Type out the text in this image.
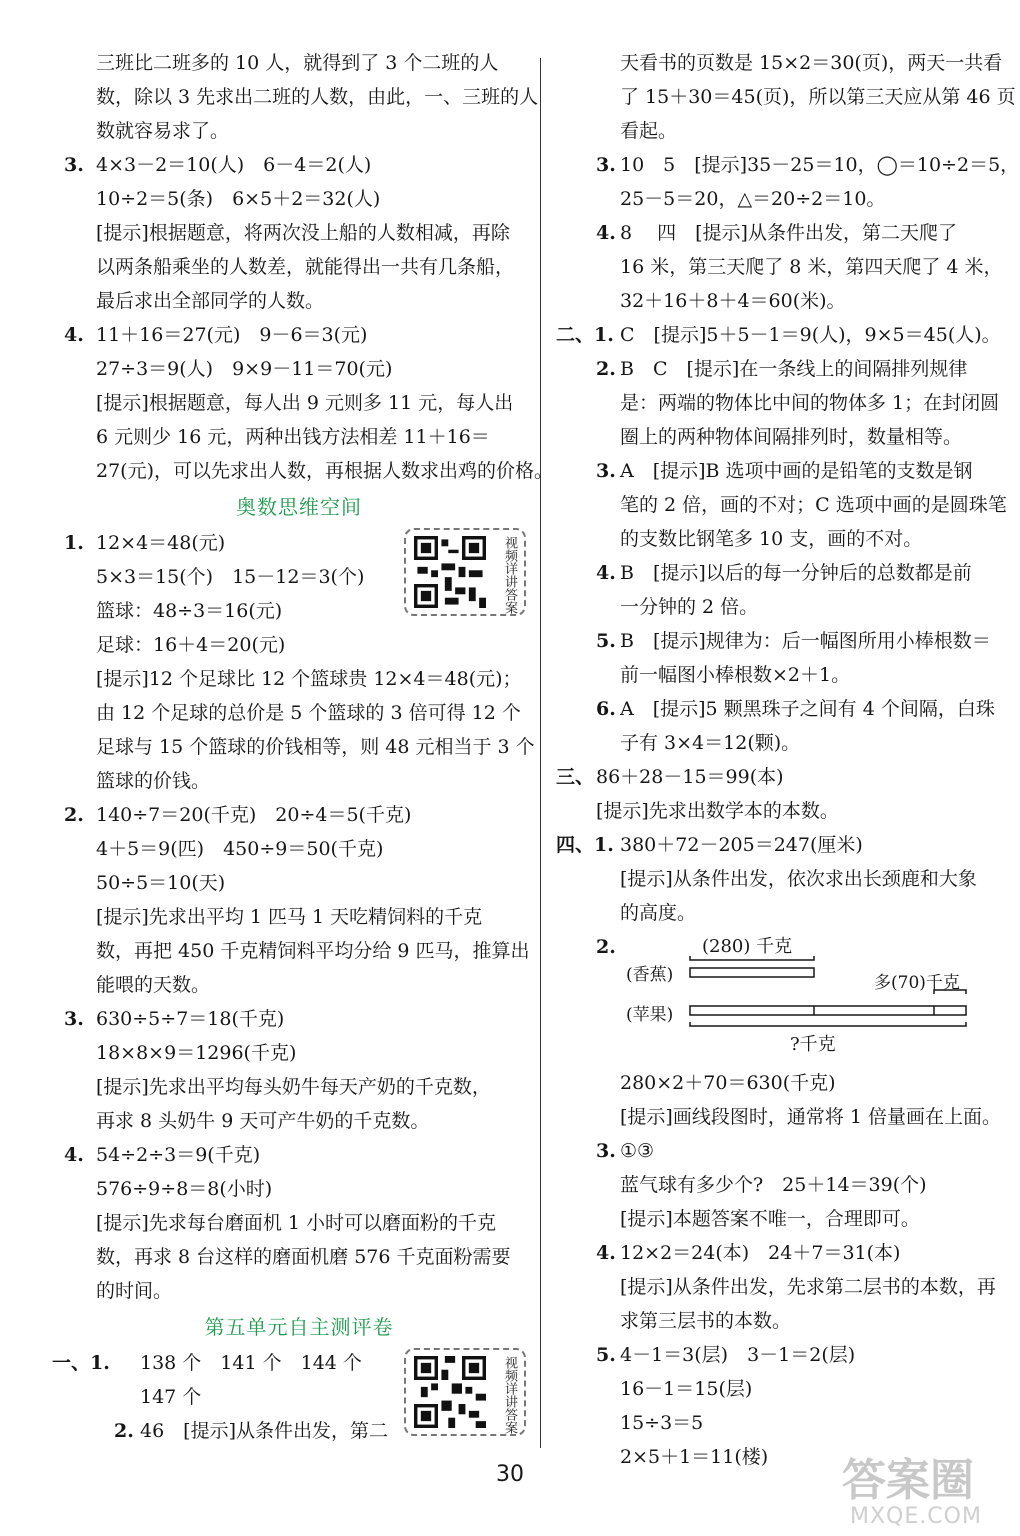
三班比二班多的 10 人，就得到了 3 个二班的人
数，除以 3 先求出二班的人数，由此，一、三班的人
数就容易求了。
3. 4×3－2＝10(人)　6－4＝2(人)
10÷2＝5(条)　6×5＋2＝32(人)
[提示]根据题意，将两次没上船的人数相减，再除
以两条船乘坐的人数差，就能得出一共有几条船，
最后求出全部同学的人数。
4. 11＋16＝27(元)　9－6＝3(元)
27÷3＝9(人)　9×9－11＝70(元)
[提示]根据题意，每人出 9 元则多 11 元，每人出
6 元则少 16 元，两种出钱方法相差 11＋16＝
27(元)，可以先求出人数，再根据人数求出鸡的价格。
奥数思维空间
视频详讲答案
1. 12×4＝48(元)
5×3＝15(个)　15－12＝3(个)
篮球：48÷3＝16(元)
足球：16＋4＝20(元)
[提示]12 个足球比 12 个篮球贵 12×4＝48(元)；
由 12 个足球的总价是 5 个篮球的 3 倍可得 12 个
足球与 15 个篮球的价钱相等，则 48 元相当于 3 个
篮球的价钱。
2. 140÷7＝20(千克)　20÷4＝5(千克)
4＋5＝9(匹)　450÷9＝50(千克)
50÷5＝10(天)
[提示]先求出平均 1 匹马 1 天吃精饲料的千克
数，再把 450 千克精饲料平均分给 9 匹马，推算出
能喂的天数。
3. 630÷5÷7＝18(千克)
18×8×9＝1296(千克)
[提示]先求出平均每头奶牛每天产奶的千克数，
再求 8 头奶牛 9 天可产牛奶的千克数。
4. 54÷2÷3＝9(千克)
576÷9÷8＝8(小时)
[提示]先求每台磨面机 1 小时可以磨面粉的千克
数，再求 8 台这样的磨面机磨 576 千克面粉需要
的时间。
第五单元自主测评卷
视频详讲答案
一、1. 138 个　141 个　144 个
147 个
2. 46　[提示]从条件出发，第二
天看书的页数是 15×2＝30(页)，两天一共看
了 15＋30＝45(页)，所以第三天应从第 46 页
看起。
3. 10　5　[提示]35－25＝10，◯＝10÷2＝5，
25－5＝20，△＝20÷2＝10。
4. 8　 四　[提示]从条件出发，第二天爬了
16 米，第三天爬了 8 米，第四天爬了 4 米，
32＋16＋8＋4＝60(米)。
二、1. C　[提示]5＋5－1＝9(人)，9×5＝45(人)。
2. B　C　[提示]在一条线上的间隔排列规律
是：两端的物体比中间的物体多 1；在封闭圆
圈上的两种物体间隔排列时，数量相等。
3. A　[提示]B 选项中画的是铅笔的支数是钢
笔的 2 倍，画的不对；C 选项中画的是圆珠笔
的支数比钢笔多 10 支，画的不对。
4. B　[提示]以后的每一分钟后的总数都是前
一分钟的 2 倍。
5. B　[提示]规律为：后一幅图所用小棒根数＝
前一幅图小棒根数×2＋1。
6. A　[提示]5 颗黑珠子之间有 4 个间隔，白珠
子有 3×4＝12(颗)。
三、 86＋28－15＝99(本)
[提示]先求出数学本的本数。
四、1. 380＋72－205＝247(厘米)
[提示]从条件出发，依次求出长颈鹿和大象
的高度。
2.	(280) 千克
(香蕉)	多(70)千克
(苹果)
?千克
280×2＋70＝630(千克)
[提示]画线段图时，通常将 1 倍量画在上面。
3. ①③
蓝气球有多少个?　25＋14＝39(个)
[提示]本题答案不唯一，合理即可。
4. 12×2＝24(本)　24＋7＝31(本)
[提示]从条件出发，先求第二层书的本数，再
求第三层书的本数。
5. 4－1＝3(层)　3－1＝2(层)
16－1＝15(层)
15÷3＝5
2×5＋1＝11(楼)
30	答案圈
MXQE.COM
